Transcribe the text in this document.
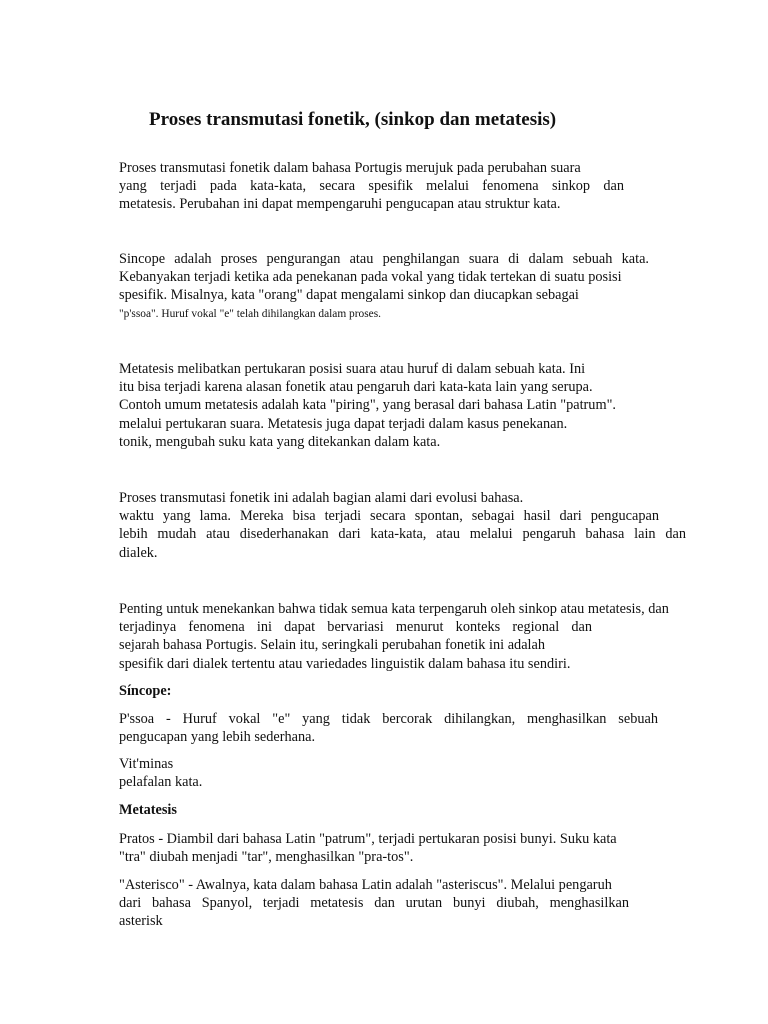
Proses transmutasi fonetik, (sinkop dan metatesis)
Proses transmutasi fonetik dalam bahasa Portugis merujuk pada perubahan suara
yang terjadi pada kata-kata, secara spesifik melalui fenomena sinkop dan
metatesis. Perubahan ini dapat mempengaruhi pengucapan atau struktur kata.
Sincope adalah proses pengurangan atau penghilangan suara di dalam sebuah kata.
Kebanyakan terjadi ketika ada penekanan pada vokal yang tidak tertekan di suatu posisi
spesifik. Misalnya, kata "orang" dapat mengalami sinkop dan diucapkan sebagai
"p'ssoa". Huruf vokal "e" telah dihilangkan dalam proses.
Metatesis melibatkan pertukaran posisi suara atau huruf di dalam sebuah kata. Ini
itu bisa terjadi karena alasan fonetik atau pengaruh dari kata-kata lain yang serupa.
Contoh umum metatesis adalah kata "piring", yang berasal dari bahasa Latin "patrum".
melalui pertukaran suara. Metatesis juga dapat terjadi dalam kasus penekanan.
tonik, mengubah suku kata yang ditekankan dalam kata.
Proses transmutasi fonetik ini adalah bagian alami dari evolusi bahasa.
waktu yang lama. Mereka bisa terjadi secara spontan, sebagai hasil dari pengucapan
lebih mudah atau disederhanakan dari kata-kata, atau melalui pengaruh bahasa lain dan
dialek.
Penting untuk menekankan bahwa tidak semua kata terpengaruh oleh sinkop atau metatesis, dan
terjadinya fenomena ini dapat bervariasi menurut konteks regional dan
sejarah bahasa Portugis. Selain itu, seringkali perubahan fonetik ini adalah
spesifik dari dialek tertentu atau variedades linguistik dalam bahasa itu sendiri.
Síncope:
P'ssoa - Huruf vokal "e" yang tidak bercorak dihilangkan, menghasilkan sebuah
pengucapan yang lebih sederhana.
Vit'minas
pelafalan kata.
Metatesis
Pratos - Diambil dari bahasa Latin "patrum", terjadi pertukaran posisi bunyi. Suku kata
"tra" diubah menjadi "tar", menghasilkan "pra-tos".
"Asterisco" - Awalnya, kata dalam bahasa Latin adalah "asteriscus". Melalui pengaruh
dari bahasa Spanyol, terjadi metatesis dan urutan bunyi diubah, menghasilkan
asterisk
